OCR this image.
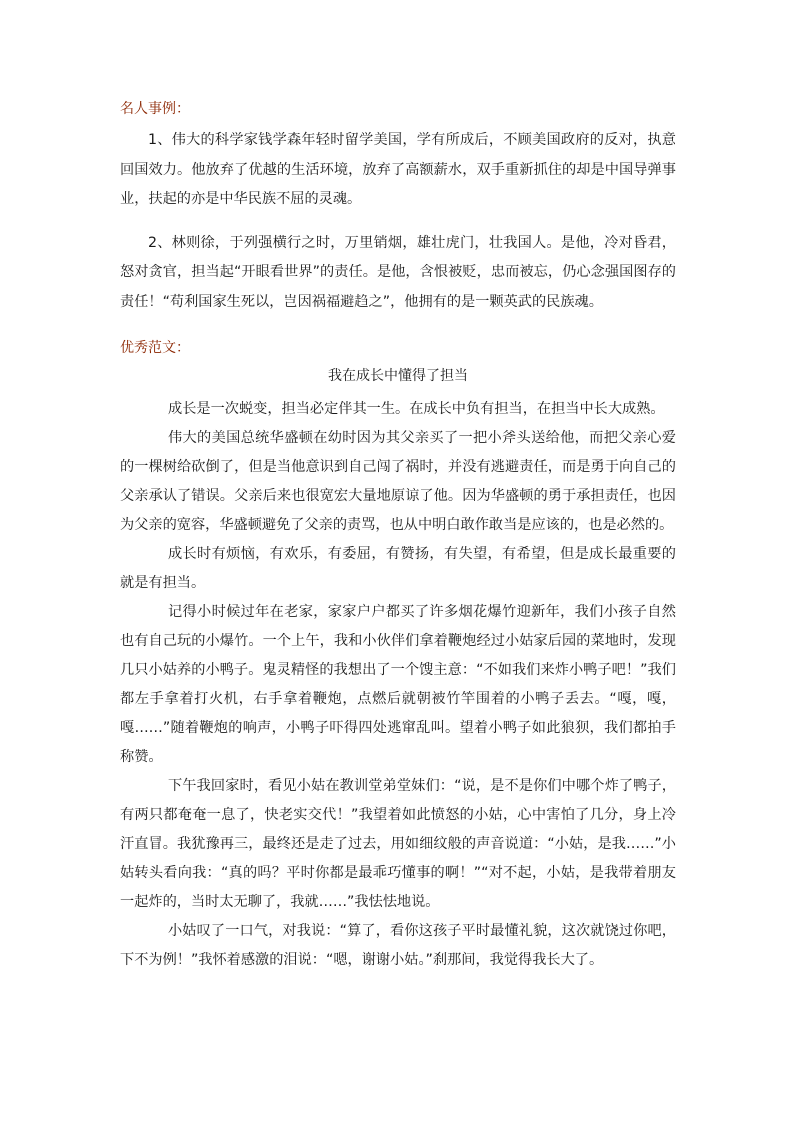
名人事例：

1、伟大的科学家钱学森年轻时留学美国，学有所成后，不顾美国政府的反对，执意回国效力。他放弃了优越的生活环境，放弃了高额薪水，双手重新抓住的却是中国导弹事业，扶起的亦是中华民族不屈的灵魂。

2、林则徐，于列强横行之时，万里销烟，雄壮虎门，壮我国人。是他，冷对昏君，怒对贪官，担当起“开眼看世界”的责任。是他，含恨被贬，忠而被忘，仍心念强国图存的责任！“苟利国家生死以，岂因祸福避趋之”，他拥有的是一颗英武的民族魂。

优秀范文：
我在成长中懂得了担当

成长是一次蜕变，担当必定伴其一生。在成长中负有担当，在担当中长大成熟。

伟大的美国总统华盛顿在幼时因为其父亲买了一把小斧头送给他，而把父亲心爱的一棵树给砍倒了，但是当他意识到自己闯了祸时，并没有逃避责任，而是勇于向自己的父亲承认了错误。父亲后来也很宽宏大量地原谅了他。因为华盛顿的勇于承担责任，也因为父亲的宽容，华盛顿避免了父亲的责骂，也从中明白敢作敢当是应该的，也是必然的。

成长时有烦恼，有欢乐，有委屈，有赞扬，有失望，有希望，但是成长最重要的就是有担当。

记得小时候过年在老家，家家户户都买了许多烟花爆竹迎新年，我们小孩子自然也有自己玩的小爆竹。一个上午，我和小伙伴们拿着鞭炮经过小姑家后园的菜地时，发现几只小姑养的小鸭子。鬼灵精怪的我想出了一个馊主意：“不如我们来炸小鸭子吧！”我们都左手拿着打火机，右手拿着鞭炮，点燃后就朝被竹竿围着的小鸭子丢去。“嘎，嘎，嘎……”随着鞭炮的响声，小鸭子吓得四处逃窜乱叫。望着小鸭子如此狼狈，我们都拍手称赞。

下午我回家时，看见小姑在教训堂弟堂妹们：“说，是不是你们中哪个炸了鸭子，有两只都奄奄一息了，快老实交代！”我望着如此愤怒的小姑，心中害怕了几分，身上冷汗直冒。我犹豫再三，最终还是走了过去，用如细纹般的声音说道：“小姑，是我……”小姑转头看向我：“真的吗？平时你都是最乖巧懂事的啊！”“对不起，小姑，是我带着朋友一起炸的，当时太无聊了，我就……”我怯怯地说。

小姑叹了一口气，对我说：“算了，看你这孩子平时最懂礼貌，这次就饶过你吧，下不为例！”我怀着感激的泪说：“嗯，谢谢小姑。”刹那间，我觉得我长大了。
